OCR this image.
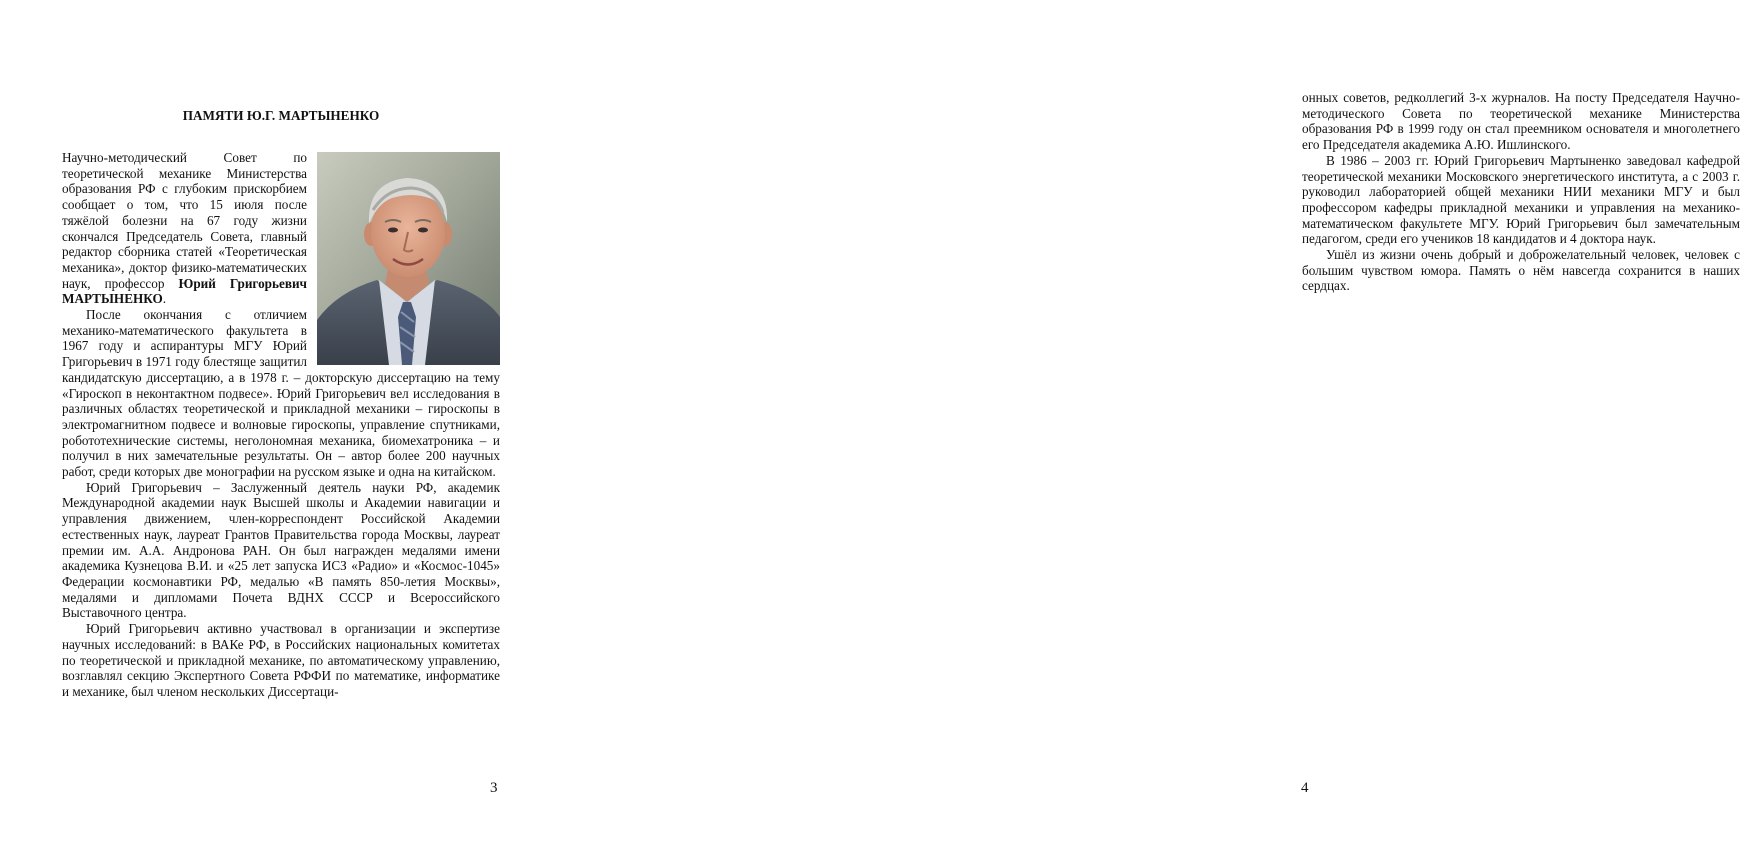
ПАМЯТИ Ю.Г. МАРТЫНЕНКО

Научно-методический Совет по теоретической механике Министерства образования РФ с глубоким прискорбием сообщает о том, что 15 июля после тяжёлой болезни на 67 году жизни скончался Председатель Совета, главный редактор сборника статей «Теоретическая механика», доктор физико-математических наук, профессор Юрий Григорьевич МАРТЫНЕНКО.

После окончания с отличием механико-математического факультета в 1967 году и аспирантуры МГУ Юрий Григорьевич в 1971 году блестяще защитил кандидатскую диссертацию, а в 1978 г. – докторскую диссертацию на тему «Гироскоп в неконтактном подвесе». Юрий Григорьевич вел исследования в различных областях теоретической и прикладной механики – гироскопы в электромагнитном подвесе и волновые гироскопы, управление спутниками, робототехнические системы, неголономная механика, биомехатроника – и получил в них замечательные результаты. Он – автор более 200 научных работ, среди которых две монографии на русском языке и одна на китайском.

Юрий Григорьевич – Заслуженный деятель науки РФ, академик Международной академии наук Высшей школы и Академии навигации и управления движением, член-корреспондент Российской Академии естественных наук, лауреат Грантов Правительства города Москвы, лауреат премии им. А.А. Андронова РАН. Он был награжден медалями имени академика Кузнецова В.И. и «25 лет запуска ИСЗ «Радио» и «Космос-1045» Федерации космонавтики РФ, медалью «В память 850-летия Москвы», медалями и дипломами Почета ВДНХ СССР и Всероссийского Выставочного центра.

Юрий Григорьевич активно участвовал в организации и экспертизе научных исследований: в ВАКе РФ, в Российских национальных комитетах по теоретической и прикладной механике, по автоматическому управлению, возглавлял секцию Экспертного Совета РФФИ по математике, информатике и механике, был членом нескольких Диссертаци-

3

онных советов, редколлегий 3-х журналов. На посту Председателя Научно-методического Совета по теоретической механике Министерства образования РФ в 1999 году он стал преемником основателя и многолетнего его Председателя академика А.Ю. Ишлинского.

В 1986 – 2003 гг. Юрий Григорьевич Мартыненко заведовал кафедрой теоретической механики Московского энергетического института, а с 2003 г. руководил лабораторией общей механики НИИ механики МГУ и был профессором кафедры прикладной механики и управления на механико-математическом факультете МГУ. Юрий Григорьевич был замечательным педагогом, среди его учеников 18 кандидатов и 4 доктора наук.

Ушёл из жизни очень добрый и доброжелательный человек, человек с большим чувством юмора. Память о нём навсегда сохранится в наших сердцах.

4
